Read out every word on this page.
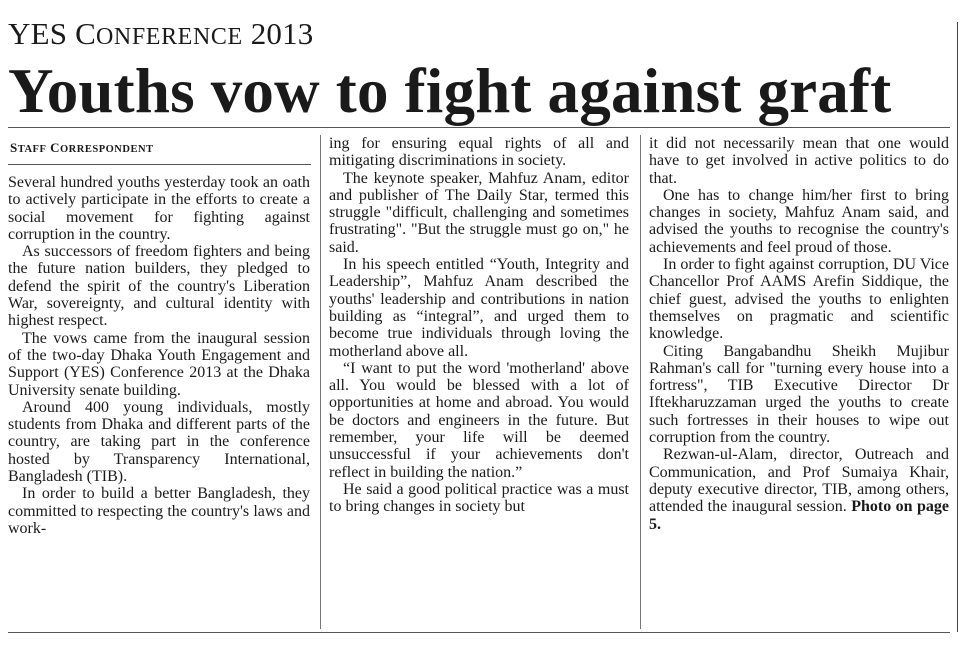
YES CONFERENCE 2013
Youths vow to fight against graft
STAFF CORRESPONDENT

Several hundred youths yesterday took an oath to actively participate in the efforts to create a social movement for fighting against corruption in the country.

As successors of freedom fighters and being the future nation builders, they pledged to defend the spirit of the country's Liberation War, sovereignty, and cultural identity with highest respect.

The vows came from the inaugural session of the two-day Dhaka Youth Engagement and Support (YES) Conference 2013 at the Dhaka University senate building.

Around 400 young individuals, mostly students from Dhaka and different parts of the country, are taking part in the conference hosted by Transparency International, Bangladesh (TIB).

In order to build a better Bangladesh, they committed to respecting the country's laws and work-

ing for ensuring equal rights of all and mitigating discriminations in society.

The keynote speaker, Mahfuz Anam, editor and publisher of The Daily Star, termed this struggle "difficult, challenging and sometimes frustrating". "But the struggle must go on," he said.

In his speech entitled “Youth, Integrity and Leadership”, Mahfuz Anam described the youths' leadership and contributions in nation building as “integral”, and urged them to become true individuals through loving the motherland above all.

“I want to put the word 'motherland' above all. You would be blessed with a lot of opportunities at home and abroad. You would be doctors and engineers in the future. But remember, your life will be deemed unsuccessful if your achievements don't reflect in building the nation.”

He said a good political practice was a must to bring changes in society but

it did not necessarily mean that one would have to get involved in active politics to do that.

One has to change him/her first to bring changes in society, Mahfuz Anam said, and advised the youths to recognise the country's achievements and feel proud of those.

In order to fight against corruption, DU Vice Chancellor Prof AAMS Arefin Siddique, the chief guest, advised the youths to enlighten themselves on pragmatic and scientific knowledge.

Citing Bangabandhu Sheikh Mujibur Rahman's call for "turning every house into a fortress", TIB Executive Director Dr Iftekharuzzaman urged the youths to create such fortresses in their houses to wipe out corruption from the country.

Rezwan-ul-Alam, director, Outreach and Communication, and Prof Sumaiya Khair, deputy executive director, TIB, among others, attended the inaugural session. Photo on page 5.
